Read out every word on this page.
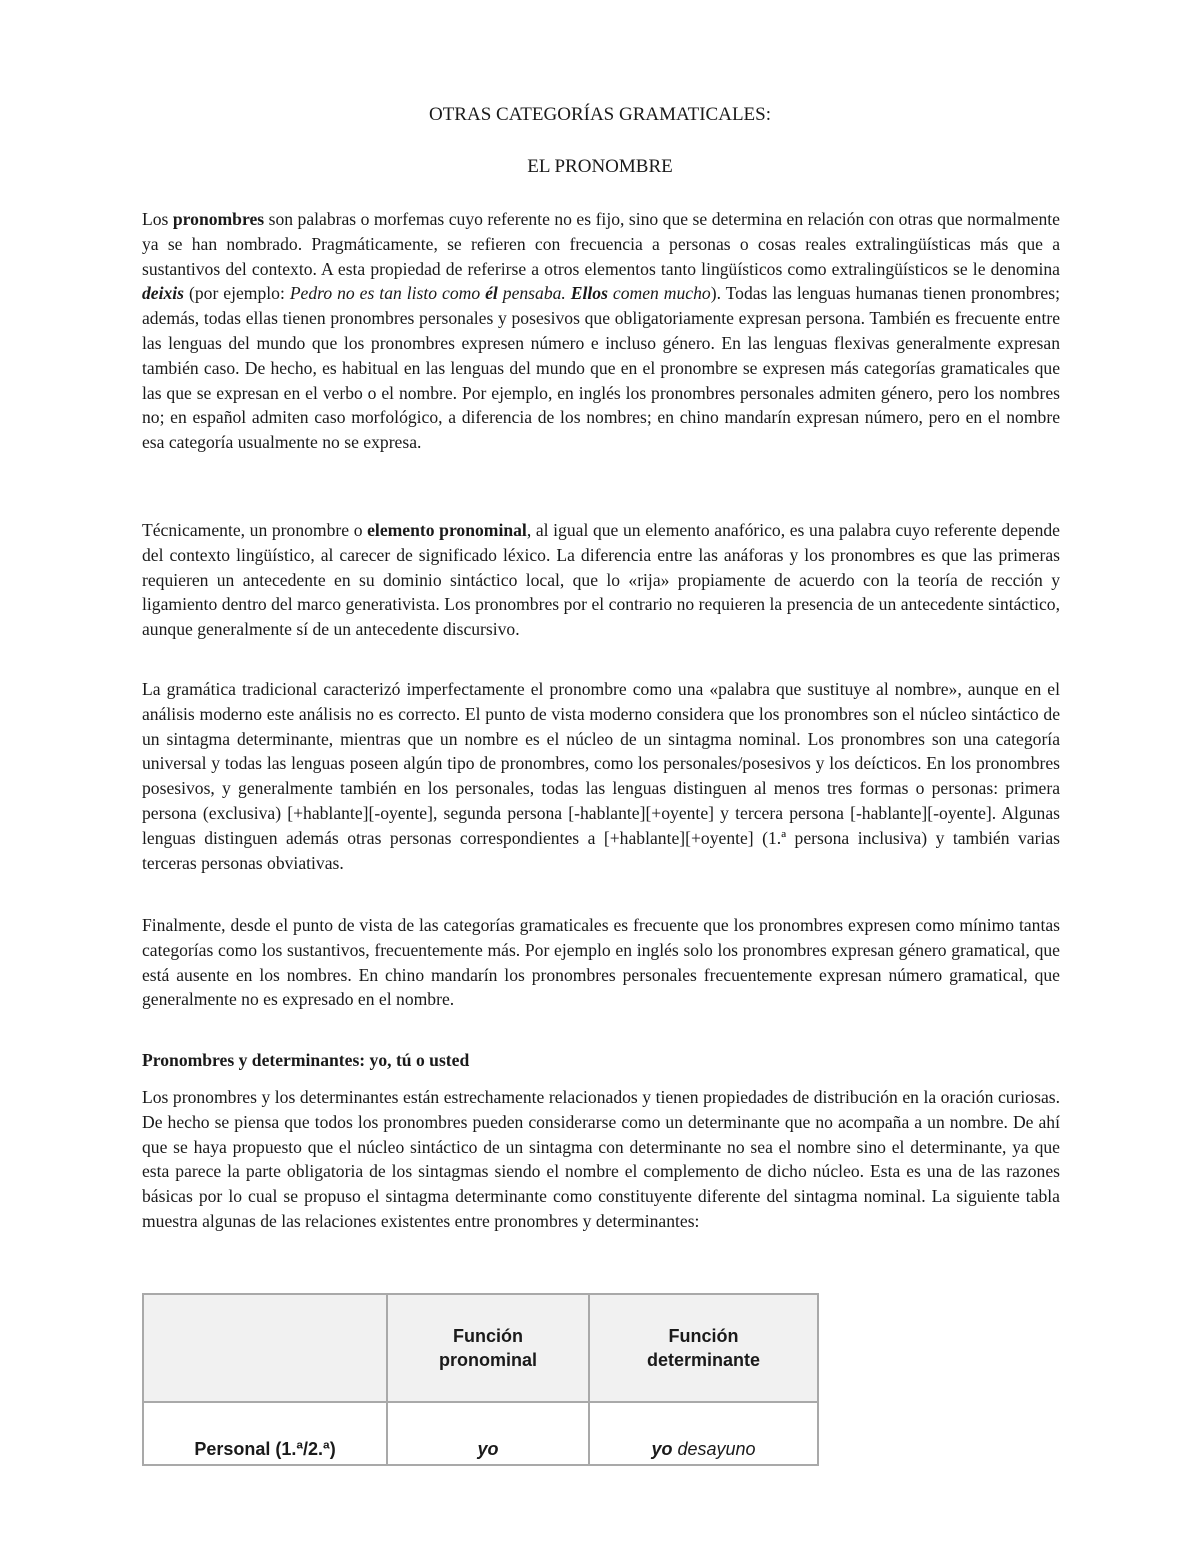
OTRAS CATEGORÍAS GRAMATICALES:
EL PRONOMBRE

Los pronombres son palabras o morfemas cuyo referente no es fijo, sino que se determina en relación con otras que normalmente ya se han nombrado. Pragmáticamente, se refieren con frecuencia a personas o cosas reales extralingüísticas más que a sustantivos del contexto. A esta propiedad de referirse a otros elementos tanto lingüísticos como extralingüísticos se le denomina deixis (por ejemplo: Pedro no es tan listo como él pensaba. Ellos comen mucho). Todas las lenguas humanas tienen pronombres; además, todas ellas tienen pronombres personales y posesivos que obligatoriamente expresan persona. También es frecuente entre las lenguas del mundo que los pronombres expresen número e incluso género. En las lenguas flexivas generalmente expresan también caso. De hecho, es habitual en las lenguas del mundo que en el pronombre se expresen más categorías gramaticales que las que se expresan en el verbo o el nombre. Por ejemplo, en inglés los pronombres personales admiten género, pero los nombres no; en español admiten caso morfológico, a diferencia de los nombres; en chino mandarín expresan número, pero en el nombre esa categoría usualmente no se expresa.

Técnicamente, un pronombre o elemento pronominal, al igual que un elemento anafórico, es una palabra cuyo referente depende del contexto lingüístico, al carecer de significado léxico. La diferencia entre las anáforas y los pronombres es que las primeras requieren un antecedente en su dominio sintáctico local, que lo «rija» propiamente de acuerdo con la teoría de rección y ligamiento dentro del marco generativista. Los pronombres por el contrario no requieren la presencia de un antecedente sintáctico, aunque generalmente sí de un antecedente discursivo.

La gramática tradicional caracterizó imperfectamente el pronombre como una «palabra que sustituye al nombre», aunque en el análisis moderno este análisis no es correcto. El punto de vista moderno considera que los pronombres son el núcleo sintáctico de un sintagma determinante, mientras que un nombre es el núcleo de un sintagma nominal. Los pronombres son una categoría universal y todas las lenguas poseen algún tipo de pronombres, como los personales/posesivos y los deícticos. En los pronombres posesivos, y generalmente también en los personales, todas las lenguas distinguen al menos tres formas o personas: primera persona (exclusiva) [+hablante][-oyente], segunda persona [-hablante][+oyente] y tercera persona [-hablante][-oyente]. Algunas lenguas distinguen además otras personas correspondientes a [+hablante][+oyente] (1.ª persona inclusiva) y también varias terceras personas obviativas.

Finalmente, desde el punto de vista de las categorías gramaticales es frecuente que los pronombres expresen como mínimo tantas categorías como los sustantivos, frecuentemente más. Por ejemplo en inglés solo los pronombres expresan género gramatical, que está ausente en los nombres. En chino mandarín los pronombres personales frecuentemente expresan número gramatical, que generalmente no es expresado en el nombre.

Pronombres y determinantes: yo, tú o usted

Los pronombres y los determinantes están estrechamente relacionados y tienen propiedades de distribución en la oración curiosas. De hecho se piensa que todos los pronombres pueden considerarse como un determinante que no acompaña a un nombre. De ahí que se haya propuesto que el núcleo sintáctico de un sintagma con determinante no sea el nombre sino el determinante, ya que esta parece la parte obligatoria de los sintagmas siendo el nombre el complemento de dicho núcleo. Esta es una de las razones básicas por lo cual se propuso el sintagma determinante como constituyente diferente del sintagma nominal. La siguiente tabla muestra algunas de las relaciones existentes entre pronombres y determinantes:

	Función pronominal	Función determinante

Personal (1.ª/2.ª)	yo	yo desayuno
